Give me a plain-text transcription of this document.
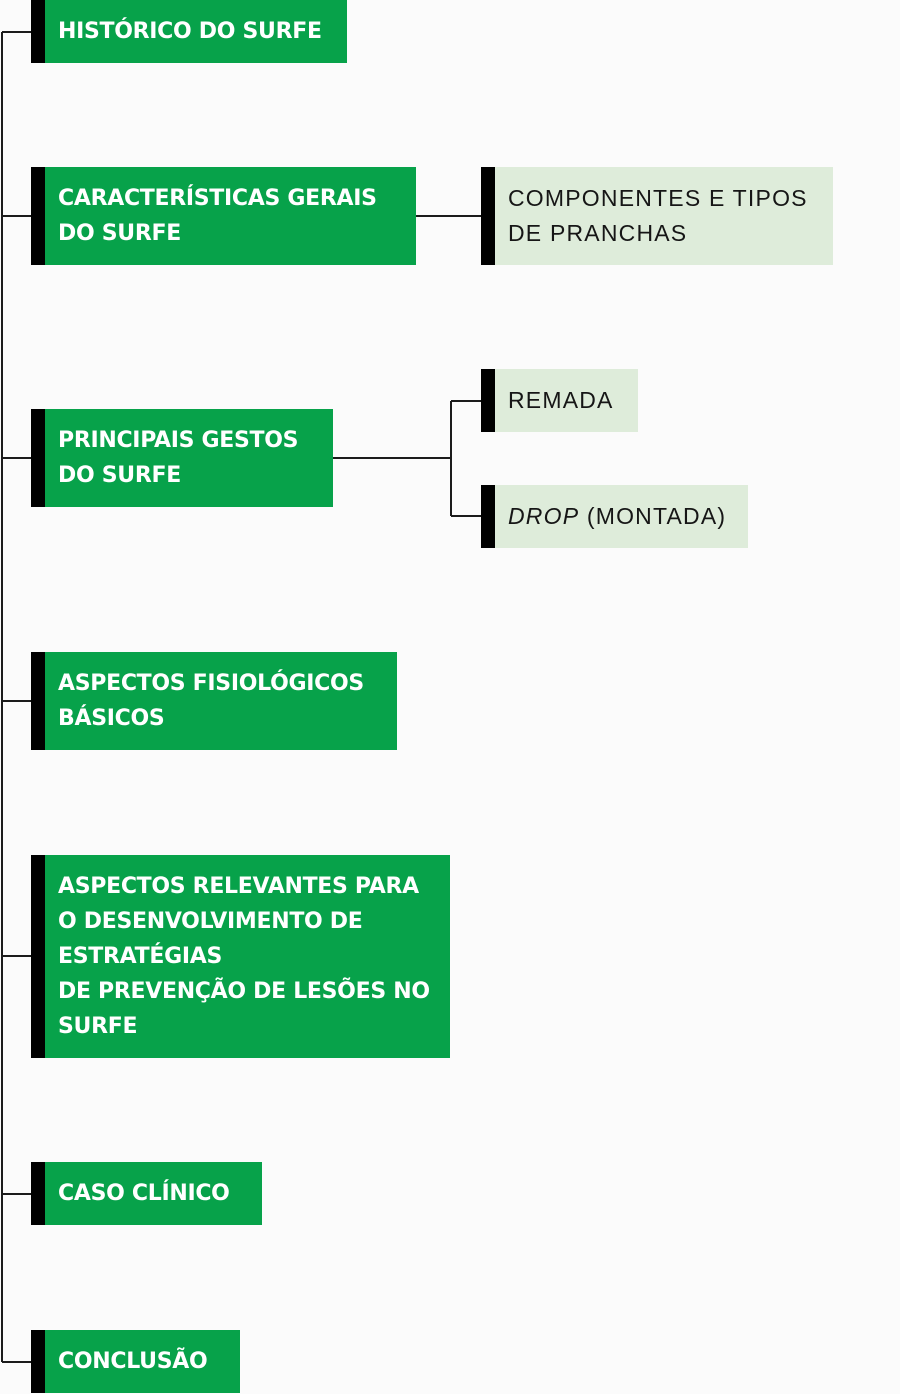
HISTÓRICO DO SURFE
CARACTERÍSTICAS GERAIS
DO SURFE
COMPONENTES E TIPOS
DE PRANCHAS
PRINCIPAIS GESTOS
DO SURFE
REMADA
DROP (MONTADA)
ASPECTOS FISIOLÓGICOS
BÁSICOS
ASPECTOS RELEVANTES PARA
O DESENVOLVIMENTO DE
ESTRATÉGIAS
DE PREVENÇÃO DE LESÕES NO
SURFE
CASO CLÍNICO
CONCLUSÃO
